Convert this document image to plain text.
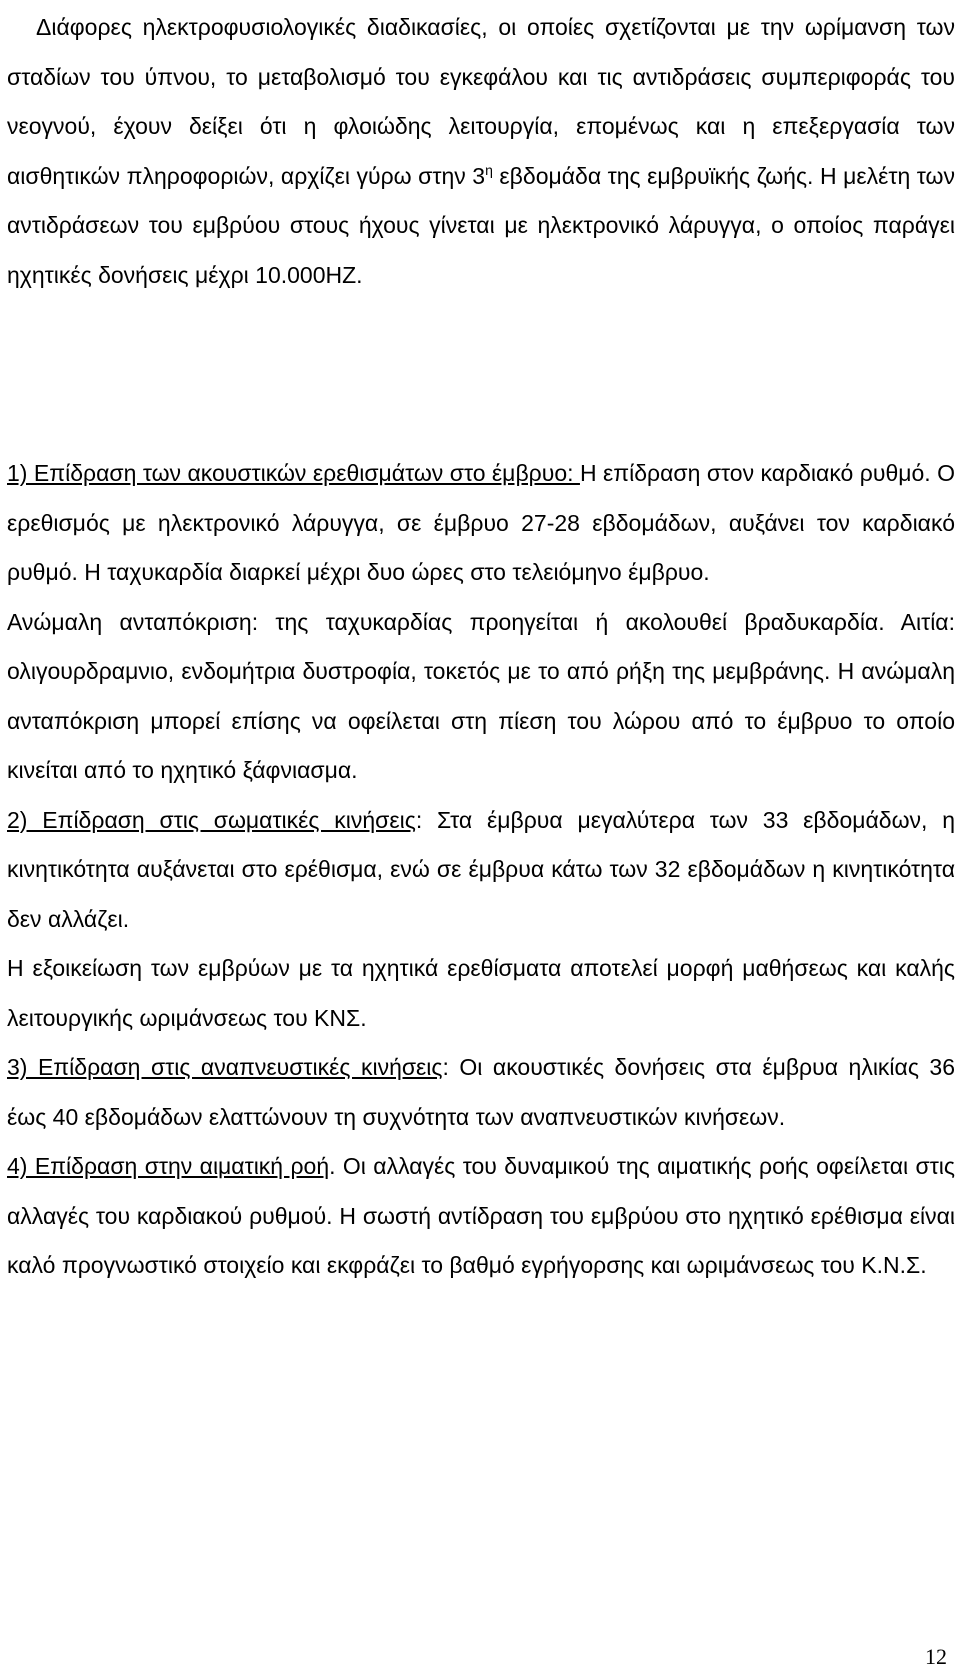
Διάφορες ηλεκτροφυσιολογικές διαδικασίες, οι οποίες σχετίζονται με την ωρίμανση των σταδίων του ύπνου, το μεταβολισμό του εγκεφάλου και τις αντιδράσεις συμπεριφοράς του νεογνού, έχουν δείξει ότι η φλοιώδης λειτουργία, επομένως και η επεξεργασία των αισθητικών πληροφοριών, αρχίζει γύρω στην $3^\eta$ εβδομάδα της εμβρυϊκής ζωής. Η μελέτη των αντιδράσεων του εμβρύου στους ήχους γίνεται με ηλεκτρονικό λάρυγγα, ο οποίος παράγει ηχητικές δονήσεις μέχρι 10.000HZ.

1) Επίδραση των ακουστικών ερεθισμάτων στο έμβρυο: Η επίδραση στον καρδιακό ρυθμό. Ο ερεθισμός με ηλεκτρονικό λάρυγγα, σε έμβρυο 27-28 εβδομάδων, αυξάνει τον καρδιακό ρυθμό. Η ταχυκαρδία διαρκεί μέχρι δυο ώρες στο τελειόμηνο έμβρυο.

Ανώμαλη ανταπόκριση: της ταχυκαρδίας προηγείται ή ακολουθεί βραδυκαρδία. Αιτία: ολιγουρδραμνιο, ενδομήτρια δυστροφία, τοκετός με το από ρήξη της μεμβράνης. Η ανώμαλη ανταπόκριση μπορεί επίσης να οφείλεται στη πίεση του λώρου από το έμβρυο το οποίο κινείται από το ηχητικό ξάφνιασμα.

2) Επίδραση στις σωματικές κινήσεις: Στα έμβρυα μεγαλύτερα των 33 εβδομάδων, η κινητικότητα αυξάνεται στο ερέθισμα, ενώ σε έμβρυα κάτω των 32 εβδομάδων η κινητικότητα δεν αλλάζει.

Η εξοικείωση των εμβρύων με τα ηχητικά ερεθίσματα αποτελεί μορφή μαθήσεως και καλής λειτουργικής ωριμάνσεως του ΚΝΣ.

3) Επίδραση στις αναπνευστικές κινήσεις: Οι ακουστικές δονήσεις στα έμβρυα ηλικίας 36 έως 40 εβδομάδων ελαττώνουν τη συχνότητα των αναπνευστικών κινήσεων.

4) Επίδραση στην αιματική ροή. Οι αλλαγές του δυναμικού της αιματικής ροής οφείλεται στις αλλαγές του καρδιακού ρυθμού. Η σωστή αντίδραση του εμβρύου στο ηχητικό ερέθισμα είναι καλό προγνωστικό στοιχείο και εκφράζει το βαθμό εγρήγορσης και ωριμάνσεως του Κ.Ν.Σ.

12
